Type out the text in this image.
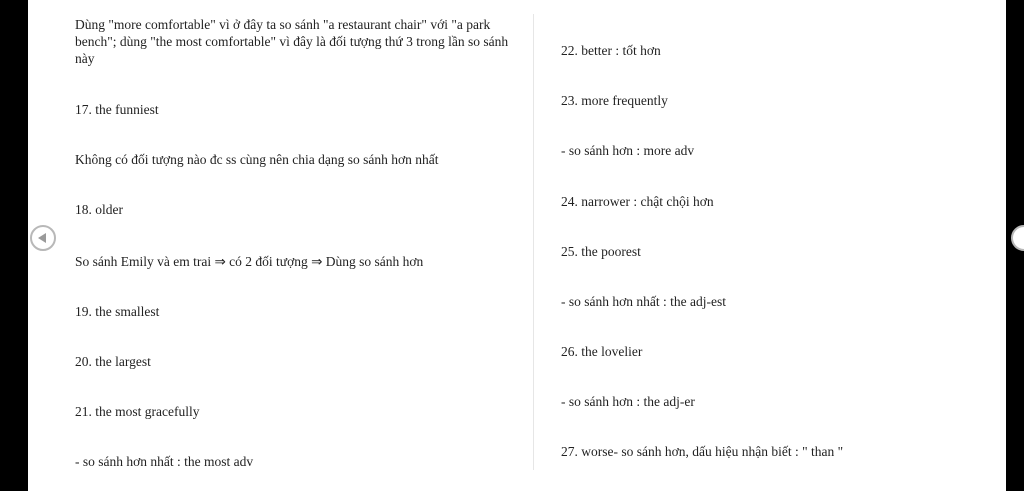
Dùng "more comfortable" vì ở đây ta so sánh "a restaurant chair" với "a park bench"; dùng "the most comfortable" vì đây là đối tượng thứ 3 trong lần so sánh này
17. the funniest
Không có đối tượng nào đc ss cùng nên chia dạng so sánh hơn nhất
18. older
So sánh Emily và em trai ⇒ có 2 đối tượng ⇒ Dùng so sánh hơn
19. the smallest
20. the largest
21. the most gracefully
- so sánh hơn nhất : the most adv
22. better : tốt hơn
23. more frequently
- so sánh hơn : more adv
24. narrower : chật chội hơn
25. the poorest
- so sánh hơn nhất : the adj-est
26. the lovelier
- so sánh hơn : the adj-er
27. worse- so sánh hơn, dấu hiệu nhận biết : " than "
